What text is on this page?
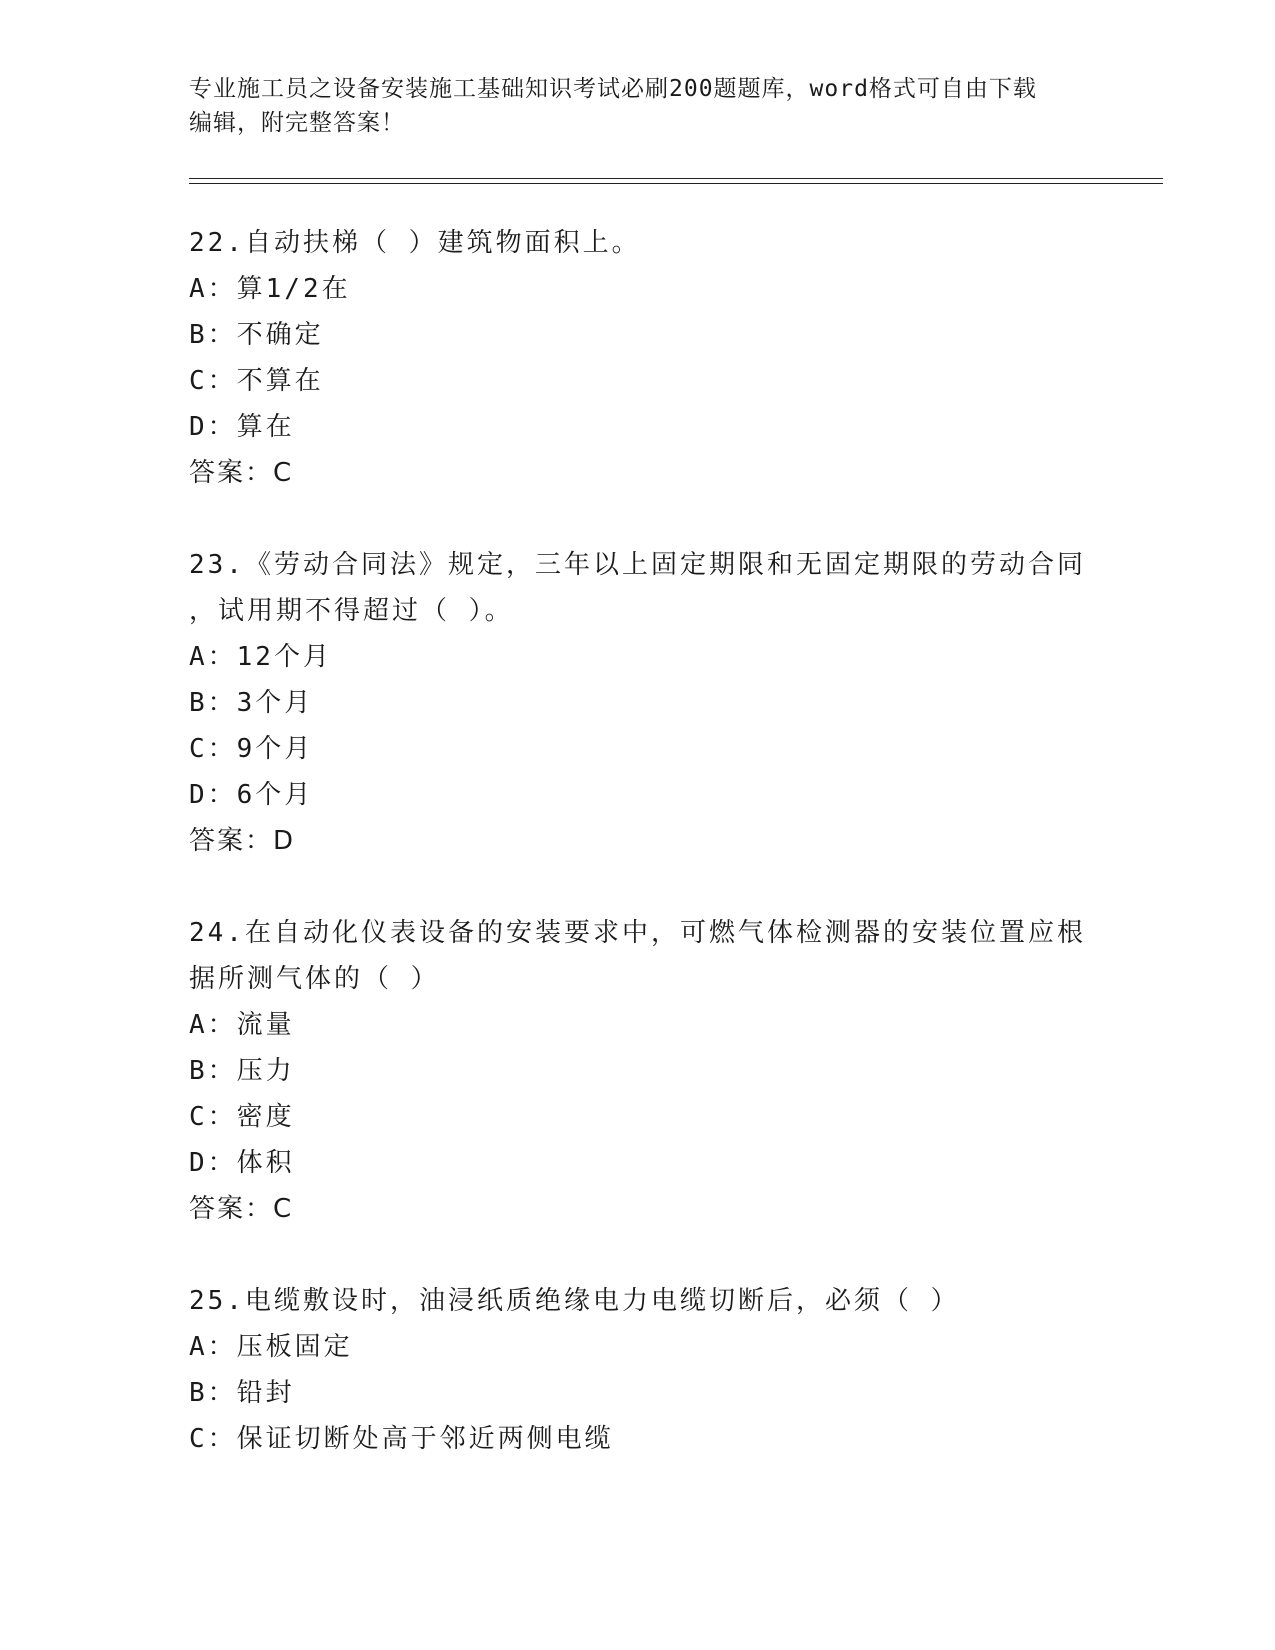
专业施工员之设备安装施工基础知识考试必刷200题题库，word格式可自由下载
编辑，附完整答案！
22.自动扶梯（ ）建筑物面积上。
A：算1/2在
B：不确定
C：不算在
D：算在
答案：C
23.《劳动合同法》规定，三年以上固定期限和无固定期限的劳动合同
，试用期不得超过（ ）。
A：12个月
B：3个月
C：9个月
D：6个月
答案：D
24.在自动化仪表设备的安装要求中，可燃气体检测器的安装位置应根
据所测气体的（ ）
A：流量
B：压力
C：密度
D：体积
答案：C
25.电缆敷设时，油浸纸质绝缘电力电缆切断后，必须（ ）
A：压板固定
B：铅封
C：保证切断处高于邻近两侧电缆
